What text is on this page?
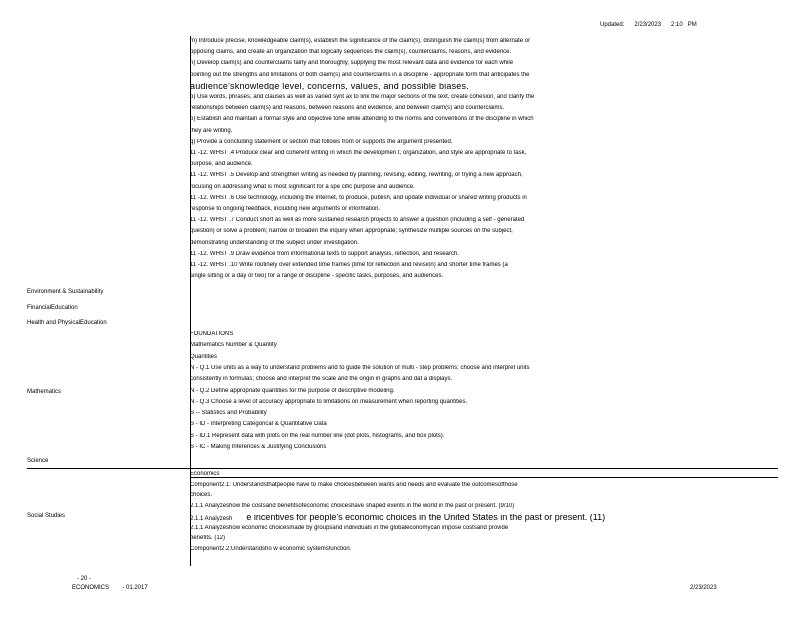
Updated:      2/23/2023      2:10   PM
m) Introduce precise, knowledgeable claim(s), establish the significance of the claim(s), distinguish the claim(s) from alternate or
opposing claims, and create an organization that logically sequences the claim(s), counterclaims, reasons, and evidence.
n) Develop claim(s) and counterclaims fairly and thoroughly, supplying the most relevant data and evidence for each while
pointing out the strengths and limitations of both claim(s) and counterclaims in a discipline - appropriate form that anticipates the
audience'sknowledge level, concerns, values, and possible biases.
o) Use words, phrases, and clauses as well as varied synt ax to link the major sections of the text, create cohesion, and clarify the
relationships between claim(s) and reasons, between reasons and evidence, and between claim(s) and counterclaims.
p) Establish and maintain a formal style and objective tone while attending to the norms and conventions of the discipline in which
they are writing.
q) Provide a concluding statement or section that follows from or supports the argument presented.
11 -12. WHST .4 Produce clear and coherent writing in which the developmen t, organization, and style are appropriate to task,
purpose, and audience.
11 -12. WHST .5 Develop and strengthen writing as needed by planning, revising, editing, rewriting, or trying a new approach,
focusing on addressing what is most significant for a spe cific purpose and audience.
11 -12. WHST .6 Use technology, including the Internet, to produce, publish, and update individual or shared writing products in
response to ongoing feedback, including new arguments or information.
11 -12. WHST .7 Conduct short as well as more sustained research projects to answer a question (including a self - generated
question) or solve a problem; narrow or broaden the inquiry when appropriate; synthesize multiple sources on the subject,
demonstrating understanding of the subject under investigation.
11 -12. WHST .9 Draw evidence from informational texts to support analysis, reflection, and research.
11 -12. WHST .10 Write routinely over extended time frames (time for reflection and revision) and shorter time frames (a
single sitting or a day or two) for a range of discipline - specific tasks, purposes, and audiences.
Environment & Sustainability
FinancialEducation
Health and PhysicalEducation
Mathematics
Science
Social Studies
FOUNDATIONS
Mathematics Number & Quantity
Quantities
N - Q.1 Use units as a way to understand problems and to guide the solution of multi - step problems; choose and interpret units
consistently in formulas; choose and interpret the scale and the origin in graphs and dat a displays.
N - Q.2 Define appropriate quantities for the purpose of descriptive modeling.
N - Q.3 Choose a level of accuracy appropriate to limitations on measurement when reporting quantities.
S -- Statistics and Probability
S - ID - Interpreting Categorical & Quantitative Data
S - ID.1 Represent data with plots on the real number line (dot plots, histograms, and box plots).
S - IC - Making Inferences & Justifying Conclusions
Economics
Component2.1: Understandsthatpeople have to make choicesbetween wants and needs and evaluate the outcomesofthose
choices.
2.1.1 Analyzeshow the costsand benefitsofeconomic choiceshave shaped events in the world in the past or present. (9/10)
2.1.1 Analyzesh e incentives for people's economic choices in the United States in the past or present. (11)
2.1.1 Analyzeshow economic choicesmade by groupsand individuals in the globaleconomycan impose costsand provide
benefits. (12)
Component2.2:Understandsho w economic systemsfunction.
- 20 -
ECONOMICS        - 01.2017	2/23/2023
